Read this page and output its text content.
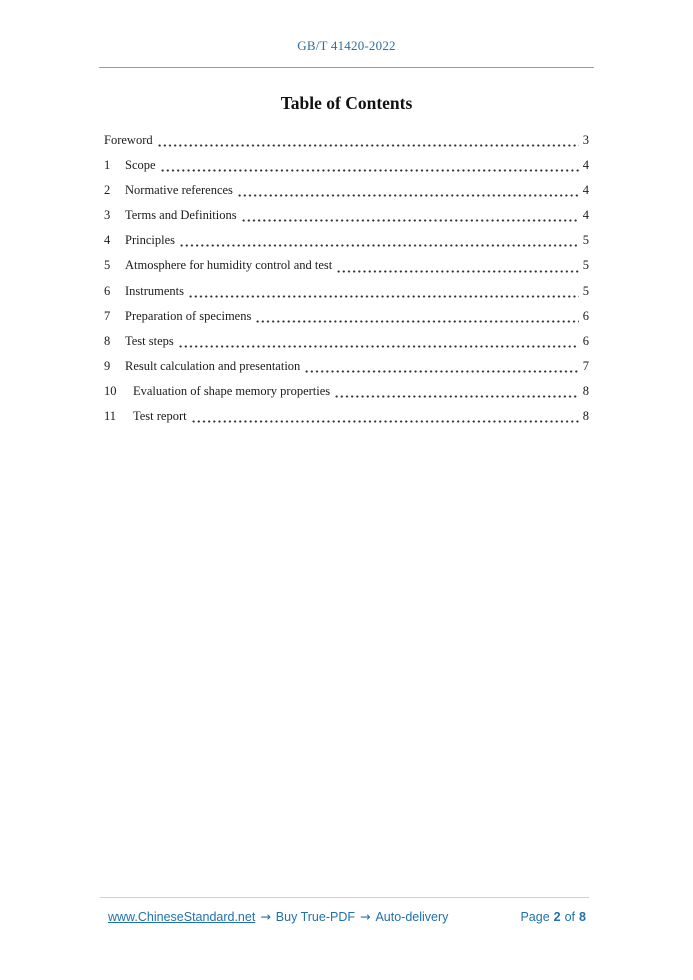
GB/T 41420-2022
Table of Contents
Foreword	3
1	Scope	4
2	Normative references	4
3	Terms and Definitions	4
4	Principles	5
5	Atmosphere for humidity control and test	5
6	Instruments	5
7	Preparation of specimens	6
8	Test steps	6
9	Result calculation and presentation	7
10	Evaluation of shape memory properties	8
11	Test report	8
www.ChineseStandard.net → Buy True-PDF → Auto-delivery	Page 2 of 8
